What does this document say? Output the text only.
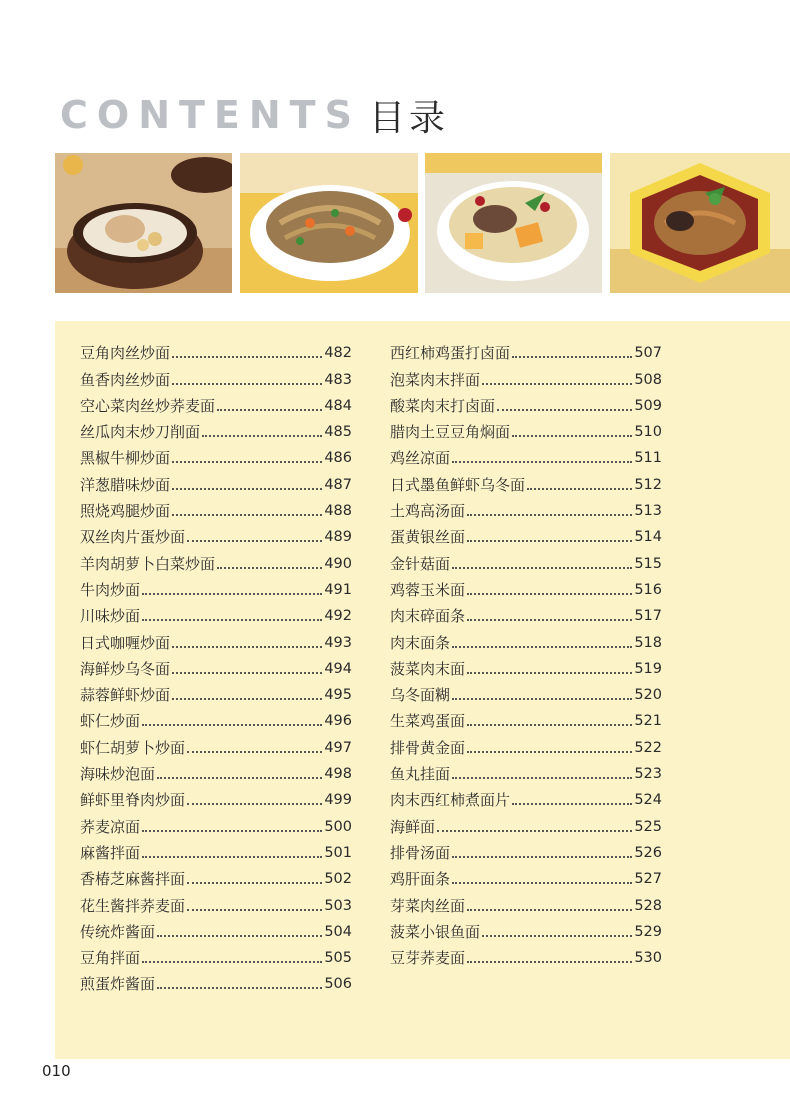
CONTENTS 目录
豆角肉丝炒面	482
鱼香肉丝炒面	483
空心菜肉丝炒荞麦面	484
丝瓜肉末炒刀削面	485
黑椒牛柳炒面	486
洋葱腊味炒面	487
照烧鸡腿炒面	488
双丝肉片蛋炒面	489
羊肉胡萝卜白菜炒面	490
牛肉炒面	491
川味炒面	492
日式咖喱炒面	493
海鲜炒乌冬面	494
蒜蓉鲜虾炒面	495
虾仁炒面	496
虾仁胡萝卜炒面	497
海味炒泡面	498
鲜虾里脊肉炒面	499
荞麦凉面	500
麻酱拌面	501
香椿芝麻酱拌面	502
花生酱拌荞麦面	503
传统炸酱面	504
豆角拌面	505
煎蛋炸酱面	506
西红柿鸡蛋打卤面	507
泡菜肉末拌面	508
酸菜肉末打卤面	509
腊肉土豆豆角焖面	510
鸡丝凉面	511
日式墨鱼鲜虾乌冬面	512
土鸡高汤面	513
蛋黄银丝面	514
金针菇面	515
鸡蓉玉米面	516
肉末碎面条	517
肉末面条	518
菠菜肉末面	519
乌冬面糊	520
生菜鸡蛋面	521
排骨黄金面	522
鱼丸挂面	523
肉末西红柿煮面片	524
海鲜面	525
排骨汤面	526
鸡肝面条	527
芽菜肉丝面	528
菠菜小银鱼面	529
豆芽荞麦面	530
010
